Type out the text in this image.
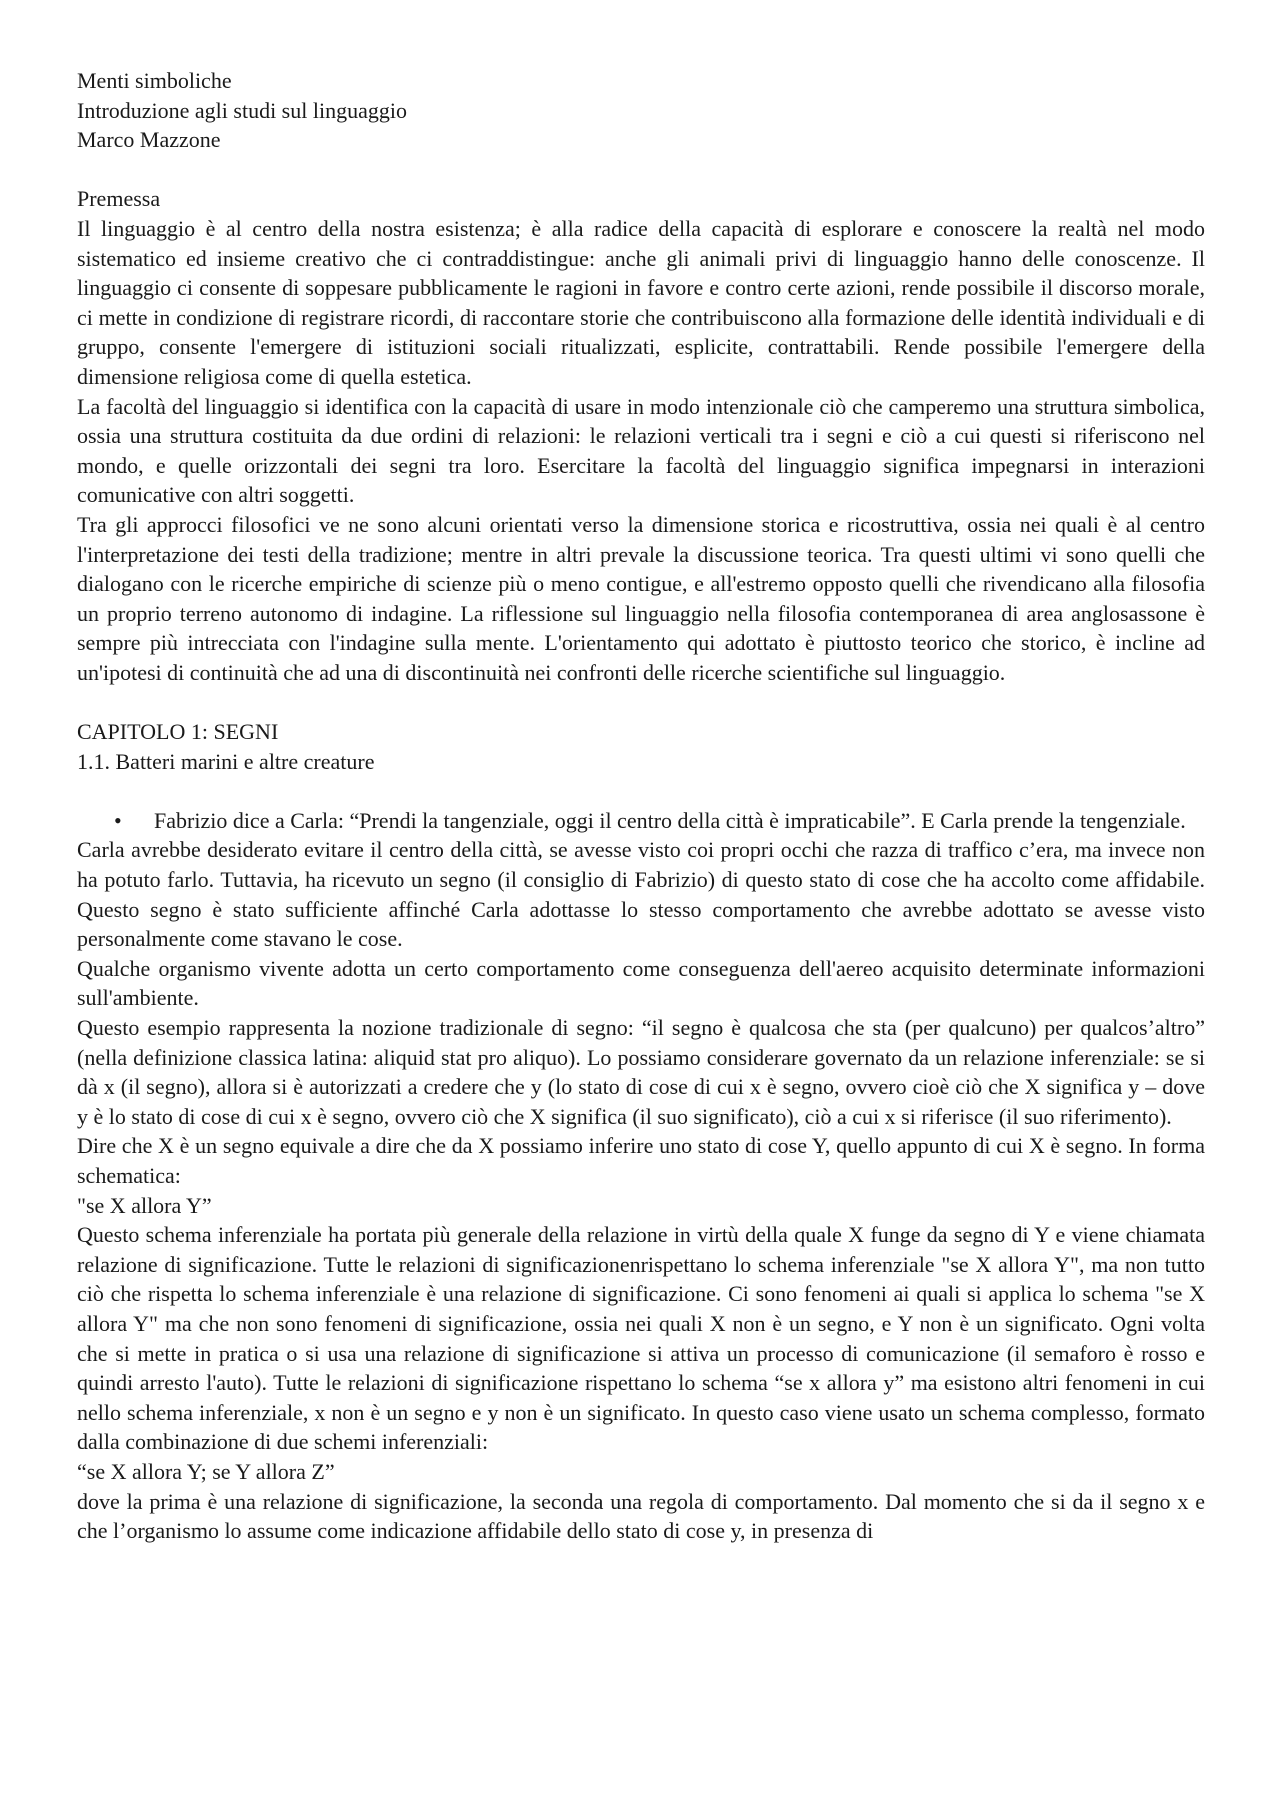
Menti simboliche

Introduzione agli studi sul linguaggio

Marco Mazzone

Premessa

Il linguaggio è al centro della nostra esistenza; è alla radice della capacità di esplorare e conoscere la realtà nel modo sistematico ed insieme creativo che ci contraddistingue: anche gli animali privi di linguaggio hanno delle conoscenze. Il linguaggio ci consente di soppesare pubblicamente le ragioni in favore e contro certe azioni, rende possibile il discorso morale, ci mette in condizione di registrare ricordi, di raccontare storie che contribuiscono alla formazione delle identità individuali e di gruppo, consente l'emergere di istituzioni sociali ritualizzati, esplicite, contrattabili. Rende possibile l'emergere della dimensione religiosa come di quella estetica.

La facoltà del linguaggio si identifica con la capacità di usare in modo intenzionale ciò che camperemo una struttura simbolica, ossia una struttura costituita da due ordini di relazioni: le relazioni verticali tra i segni e ciò a cui questi si riferiscono nel mondo, e quelle orizzontali dei segni tra loro. Esercitare la facoltà del linguaggio significa impegnarsi in interazioni comunicative con altri soggetti.

Tra gli approcci filosofici ve ne sono alcuni orientati verso la dimensione storica e ricostruttiva, ossia nei quali è al centro l'interpretazione dei testi della tradizione; mentre in altri prevale la discussione teorica. Tra questi ultimi vi sono quelli che dialogano con le ricerche empiriche di scienze più o meno contigue, e all'estremo opposto quelli che rivendicano alla filosofia un proprio terreno autonomo di indagine. La riflessione sul linguaggio nella filosofia contemporanea di area anglosassone è sempre più intrecciata con l'indagine sulla mente. L'orientamento qui adottato è piuttosto teorico che storico, è incline ad un'ipotesi di continuità che ad una di discontinuità nei confronti delle ricerche scientifiche sul linguaggio.

CAPITOLO 1: SEGNI

1.1. Batteri marini e altre creature

• Fabrizio dice a Carla: “Prendi la tangenziale, oggi il centro della città è impraticabile”. E Carla prende la tengenziale.

Carla avrebbe desiderato evitare il centro della città, se avesse visto coi propri occhi che razza di traffico c’era, ma invece non ha potuto farlo. Tuttavia, ha ricevuto un segno (il consiglio di Fabrizio) di questo stato di cose che ha accolto come affidabile. Questo segno è stato sufficiente affinché Carla adottasse lo stesso comportamento che avrebbe adottato se avesse visto personalmente come stavano le cose.

Qualche organismo vivente adotta un certo comportamento come conseguenza dell'aereo acquisito determinate informazioni sull'ambiente.

Questo esempio rappresenta la nozione tradizionale di segno: “il segno è qualcosa che sta (per qualcuno) per qualcos’altro” (nella definizione classica latina: aliquid stat pro aliquo). Lo possiamo considerare governato da un relazione inferenziale: se si dà x (il segno), allora si è autorizzati a credere che y (lo stato di cose di cui x è segno, ovvero cioè ciò che X significa y – dove y è lo stato di cose di cui x è segno, ovvero ciò che X significa (il suo significato), ciò a cui x si riferisce (il suo riferimento).

Dire che X è un segno equivale a dire che da X possiamo inferire uno stato di cose Y, quello appunto di cui X è segno. In forma schematica:

"se X allora Y”

Questo schema inferenziale ha portata più generale della relazione in virtù della quale X funge da segno di Y e viene chiamata relazione di significazione. Tutte le relazioni di significazionenrispettano lo schema inferenziale "se X allora Y", ma non tutto ciò che rispetta lo schema inferenziale è una relazione di significazione. Ci sono fenomeni ai quali si applica lo schema "se X allora Y" ma che non sono fenomeni di significazione, ossia nei quali X non è un segno, e Y non è un significato. Ogni volta che si mette in pratica o si usa una relazione di significazione si attiva un processo di comunicazione (il semaforo è rosso e quindi arresto l'auto). Tutte le relazioni di significazione rispettano lo schema “se x allora y” ma esistono altri fenomeni in cui nello schema inferenziale, x non è un segno e y non è un significato. In questo caso viene usato un schema complesso, formato dalla combinazione di due schemi inferenziali:

“se X allora Y; se Y allora Z”

dove la prima è una relazione di significazione, la seconda una regola di comportamento. Dal momento che si da il segno x e che l’organismo lo assume come indicazione affidabile dello stato di cose y, in presenza di
